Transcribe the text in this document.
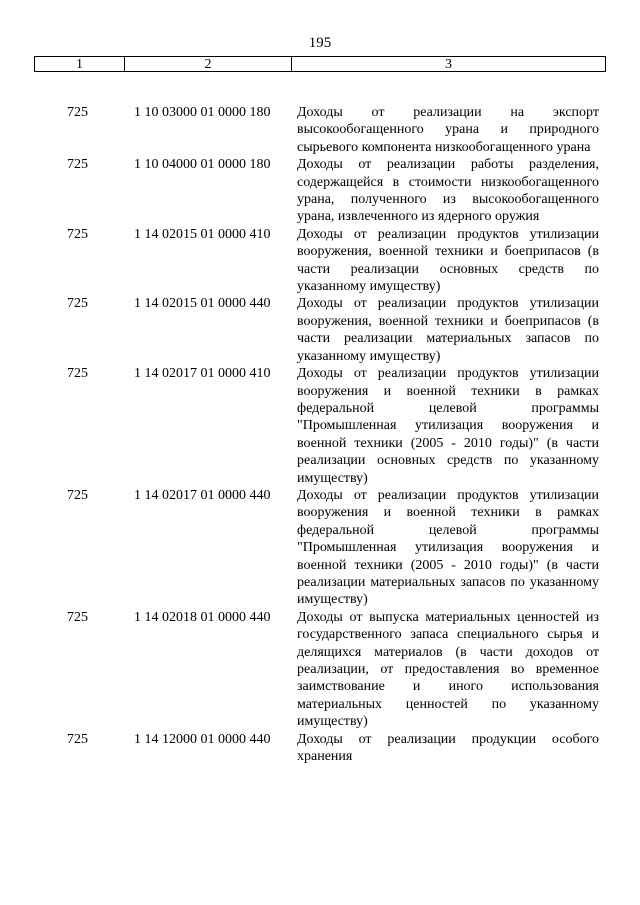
195
1	2	3
725	1 10 03000 01 0000 180	Доходы от реализации на экспорт высокообогащенного урана и природного сырьевого компонента низкообогащенного урана
725	1 10 04000 01 0000 180	Доходы от реализации работы разделения, содержащейся в стоимости низкообогащенного урана, полученного из высокообогащенного урана, извлеченного из ядерного оружия
725	1 14 02015 01 0000 410	Доходы от реализации продуктов утилизации вооружения, военной техники и боеприпасов (в части реализации основных средств по указанному имуществу)
725	1 14 02015 01 0000 440	Доходы от реализации продуктов утилизации вооружения, военной техники и боеприпасов (в части реализации материальных запасов по указанному имуществу)
725	1 14 02017 01 0000 410	Доходы от реализации продуктов утилизации вооружения и военной техники в рамках федеральной целевой программы "Промышленная утилизация вооружения и военной техники (2005 - 2010 годы)" (в части реализации основных средств по указанному имуществу)
725	1 14 02017 01 0000 440	Доходы от реализации продуктов утилизации вооружения и военной техники в рамках федеральной целевой программы "Промышленная утилизация вооружения и военной техники (2005 - 2010 годы)" (в части реализации материальных запасов по указанному имуществу)
725	1 14 02018 01 0000 440	Доходы от выпуска материальных ценностей из государственного запаса специального сырья и делящихся материалов (в части доходов от реализации, от предоставления во временное заимствование и иного использования материальных ценностей по указанному имуществу)
725	1 14 12000 01 0000 440	Доходы от реализации продукции особого хранения
